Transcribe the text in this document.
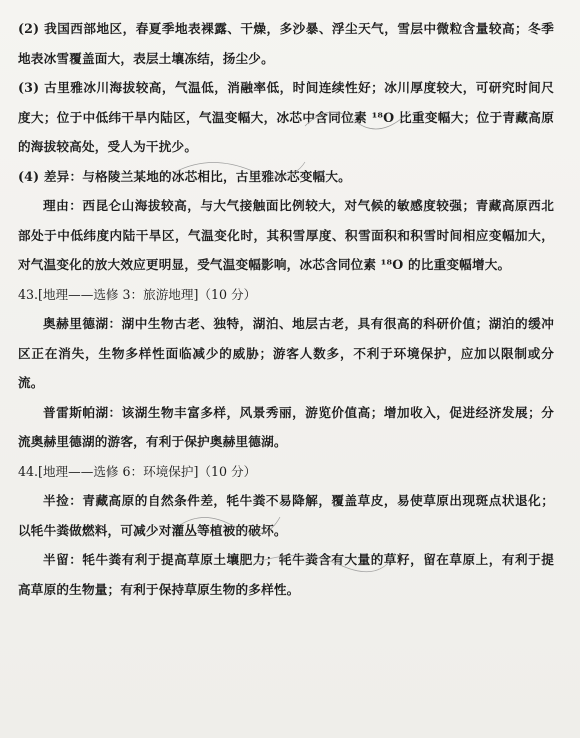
(2) 我国西部地区，春夏季地表裸露、干燥，多沙暴、浮尘天气，雪层中微粒含量较高；冬季地表冰雪覆盖面大，表层土壤冻结，扬尘少。

(3) 古里雅冰川海拔较高，气温低，消融率低，时间连续性好；冰川厚度较大，可研究时间尺度大；位于中低纬干旱内陆区，气温变幅大，冰芯中含同位素 ¹⁸O 比重变幅大；位于青藏高原的海拔较高处，受人为干扰少。

(4) 差异：与格陵兰某地的冰芯相比，古里雅冰芯变幅大。

理由：西昆仑山海拔较高，与大气接触面比例较大，对气候的敏感度较强；青藏高原西北部处于中低纬度内陆干旱区，气温变化时，其积雪厚度、积雪面积和积雪时间相应变幅加大，对气温变化的放大效应更明显，受气温变幅影响，冰芯含同位素 ¹⁸O 的比重变幅增大。

43.[地理——选修 3：旅游地理]（10 分）

奥赫里德湖：湖中生物古老、独特，湖泊、地层古老，具有很高的科研价值；湖泊的缓冲区正在消失，生物多样性面临减少的威胁；游客人数多，不利于环境保护，应加以限制或分流。

普雷斯帕湖：该湖生物丰富多样，风景秀丽，游览价值高；增加收入，促进经济发展；分流奥赫里德湖的游客，有利于保护奥赫里德湖。

44.[地理——选修 6：环境保护]（10 分）

半捡：青藏高原的自然条件差，牦牛粪不易降解，覆盖草皮，易使草原出现斑点状退化；以牦牛粪做燃料，可减少对灌丛等植被的破坏。

半留：牦牛粪有利于提高草原土壤肥力；牦牛粪含有大量的草籽，留在草原上，有利于提高草原的生物量；有利于保持草原生物的多样性。
